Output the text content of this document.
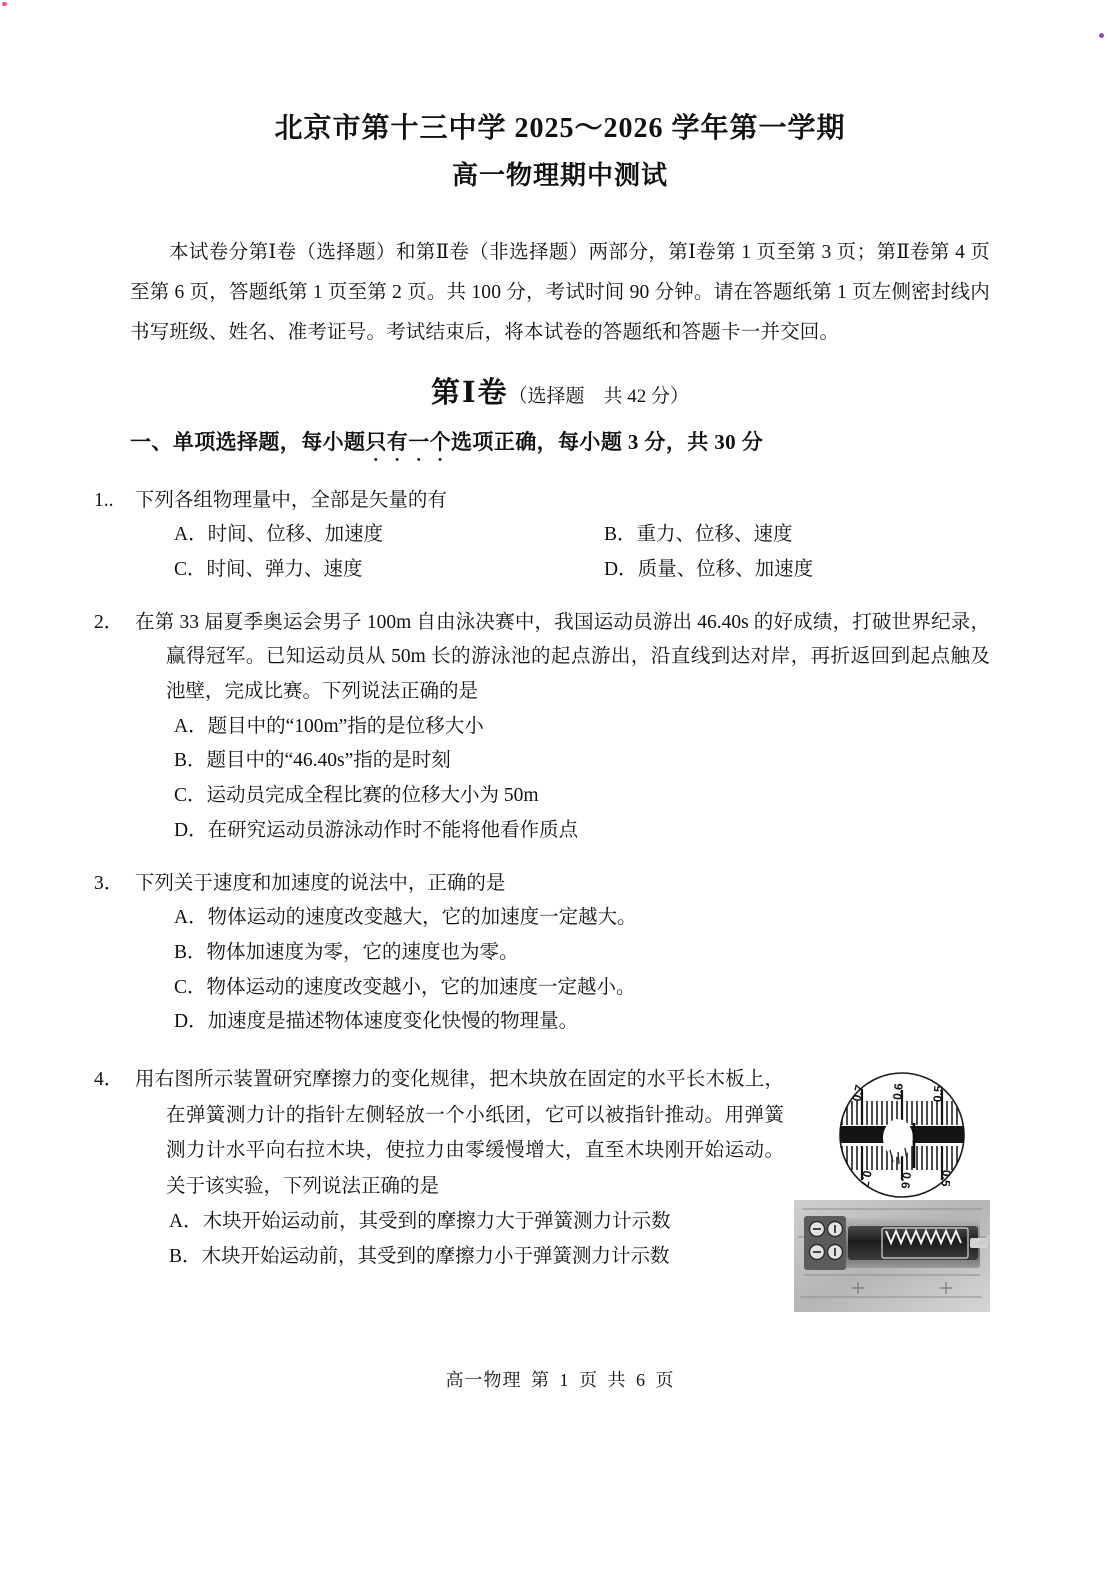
北京市第十三中学 2025～2026 学年第一学期
高一物理期中测试
本试卷分第Ⅰ卷（选择题）和第Ⅱ卷（非选择题）两部分，第Ⅰ卷第 1 页至第 3 页；第Ⅱ卷第 4 页至第 6 页，答题纸第 1 页至第 2 页。共 100 分，考试时间 90 分钟。请在答题纸第 1 页左侧密封线内书写班级、姓名、准考证号。考试结束后，将本试卷的答题纸和答题卡一并交回。
第Ⅰ卷（选择题　共 42 分）
一、单项选择题，每小题只有一个选项正确，每小题 3 分，共 30 分
1.. 下列各组物理量中，全部是矢量的有
A．时间、位移、加速度	B．重力、位移、速度
C．时间、弹力、速度	D．质量、位移、加速度
2． 在第 33 届夏季奥运会男子 100m 自由泳决赛中，我国运动员游出 46.40s 的好成绩，打破世界纪录，赢得冠军。已知运动员从 50m 长的游泳池的起点游出，沿直线到达对岸，再折返回到起点触及池壁，完成比赛。下列说法正确的是
A．题目中的“100m”指的是位移大小
B．题目中的“46.40s”指的是时刻
C．运动员完成全程比赛的位移大小为 50m
D．在研究运动员游泳动作时不能将他看作质点
3． 下列关于速度和加速度的说法中，正确的是
A．物体运动的速度改变越大，它的加速度一定越大。
B．物体加速度为零，它的速度也为零。
C．物体运动的速度改变越小，它的加速度一定越小。
D．加速度是描述物体速度变化快慢的物理量。
0.7 0.6 0.5
0.7 0.6 0.5
4． 用右图所示装置研究摩擦力的变化规律，把木块放在固定的水平长木板上，在弹簧测力计的指针左侧轻放一个小纸团，它可以被指针推动。用弹簧测力计水平向右拉木块，使拉力由零缓慢增大，直至木块刚开始运动。关于该实验，下列说法正确的是
A．木块开始运动前，其受到的摩擦力大于弹簧测力计示数
B．木块开始运动前，其受到的摩擦力小于弹簧测力计示数
高一物理 第 1 页 共 6 页
